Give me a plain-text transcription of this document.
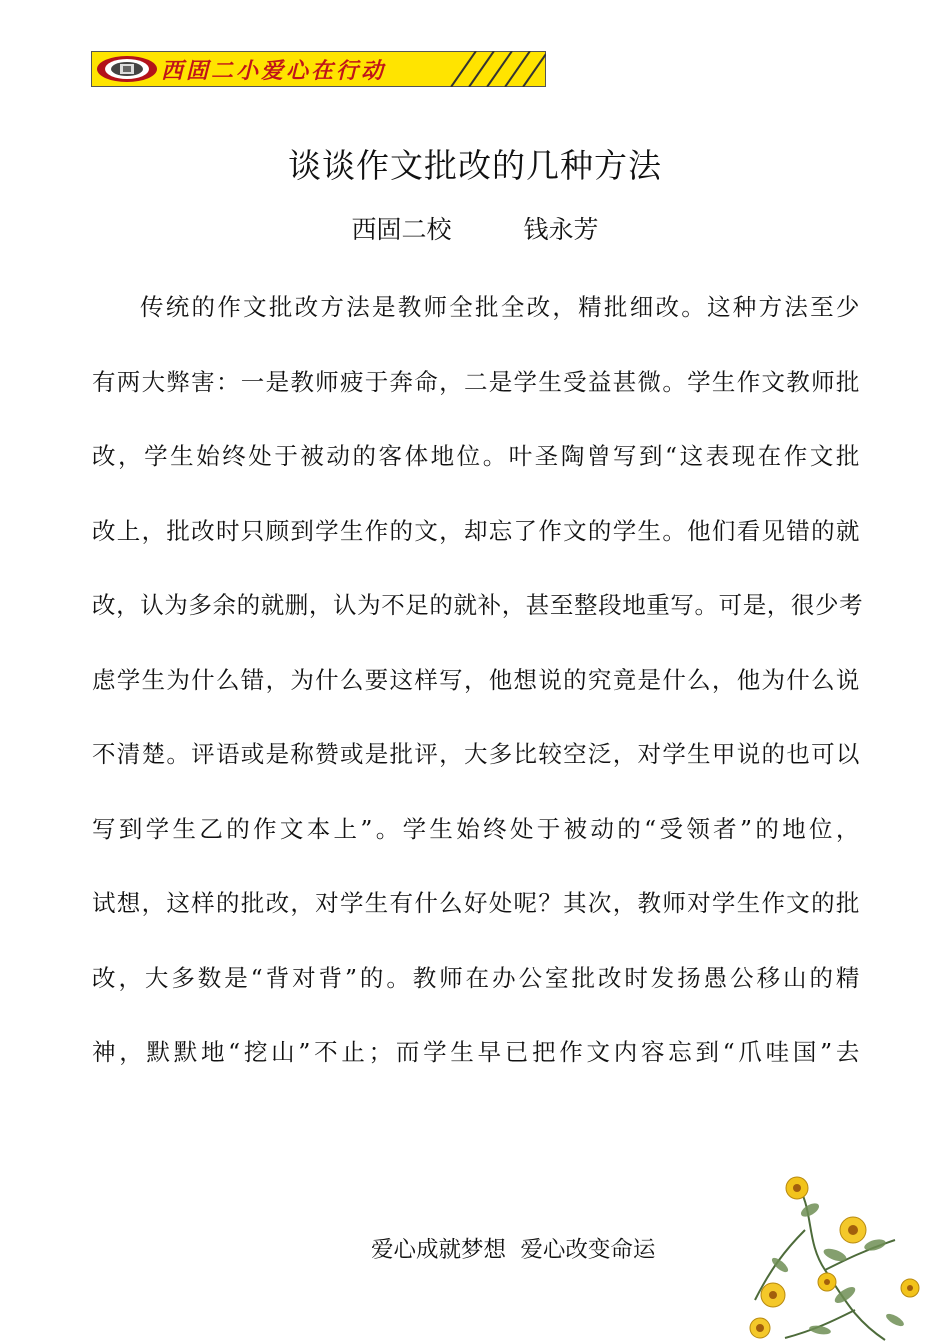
西固二小爱心在行动
谈谈作文批改的几种方法
西固二校	钱永芳
传统的作文批改方法是教师全批全改，精批细改。这种方法至少
有两大弊害：一是教师疲于奔命，二是学生受益甚微。学生作文教师批
改，学生始终处于被动的客体地位。叶圣陶曾写到“这表现在作文批
改上，批改时只顾到学生作的文，却忘了作文的学生。他们看见错的就
改，认为多余的就删，认为不足的就补，甚至整段地重写。可是，很少考
虑学生为什么错，为什么要这样写，他想说的究竟是什么，他为什么说
不清楚。评语或是称赞或是批评，大多比较空泛，对学生甲说的也可以
写到学生乙的作文本上”。学生始终处于被动的“受领者”的地位，
试想，这样的批改，对学生有什么好处呢？其次，教师对学生作文的批
改，大多数是“背对背”的。教师在办公室批改时发扬愚公移山的精
神，默默地“挖山”不止；而学生早已把作文内容忘到“爪哇国”去
爱心成就梦想 爱心改变命运
